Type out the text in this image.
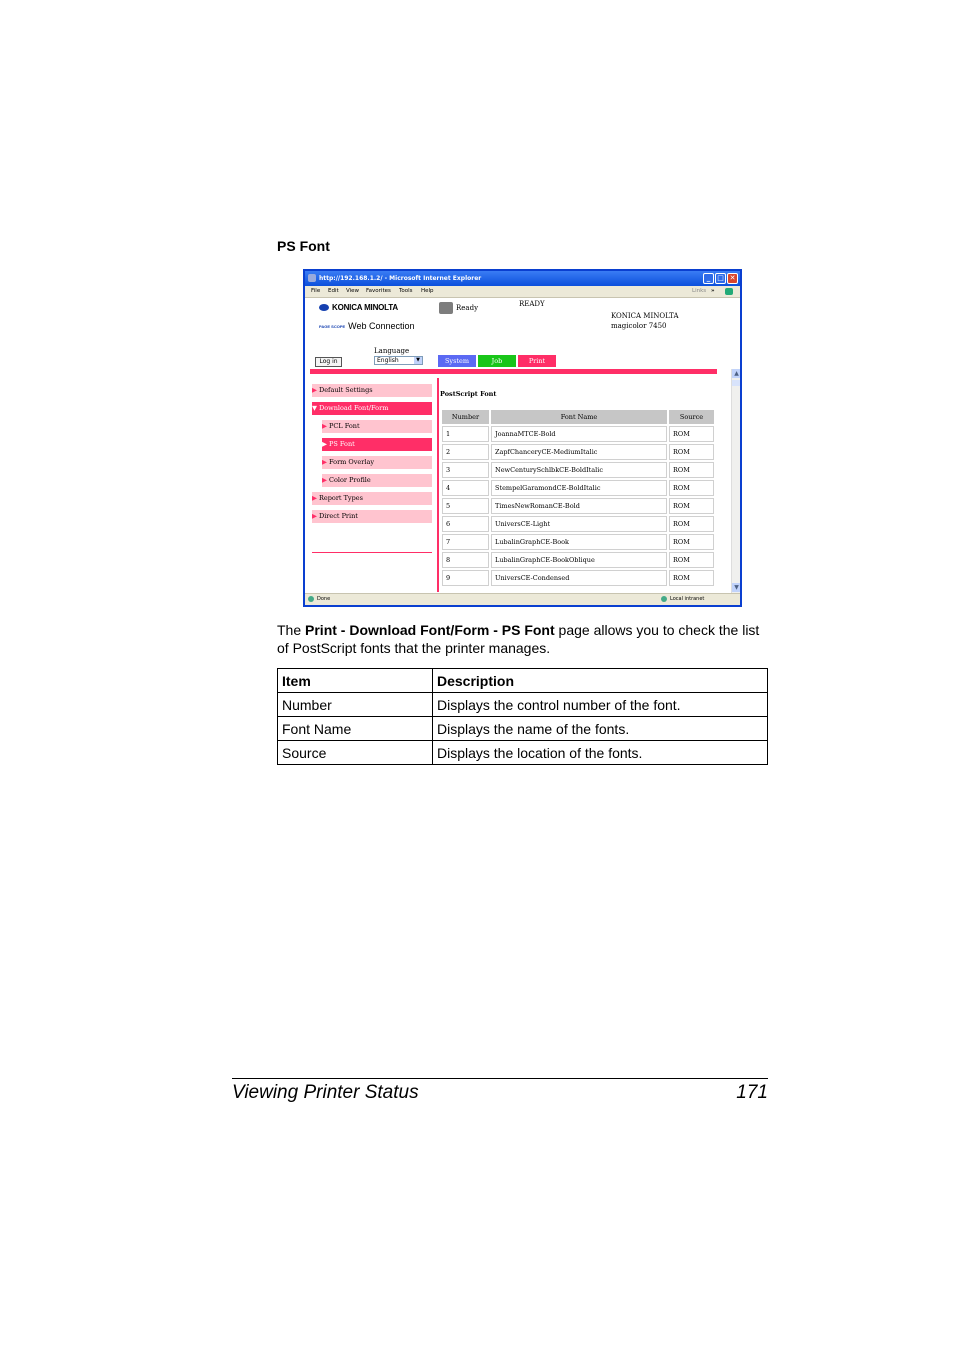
PS Font
http://192.168.1.2/ - Microsoft Internet Explorer	_ □ ✕
File Edit View Favorites Tools Help	Links »
KONICA MINOLTA
PAGE SCOPE Web Connection
Ready	READY
KONICA MINOLTA
magicolor 7450
Language
English	▼
Log in	System	Job	Print
▶ Default Settings
▼ Download Font/Form
▶ PCL Font
▶ PS Font
▶ Form Overlay
▶ Color Profile
▶ Report Types
▶ Direct Print
PostScript Font
Number	Font Name	Source
1	JoannaMTCE-Bold	ROM
2	ZapfChanceryCE-MediumItalic	ROM
3	NewCenturySchlbkCE-BoldItalic	ROM
4	StempelGaramondCE-BoldItalic	ROM
5	TimesNewRomanCE-Bold	ROM
6	UniversCE-Light	ROM
7	LubalinGraphCE-Book	ROM
8	LubalinGraphCE-BookOblique	ROM
9	UniversCE-Condensed	ROM
▲
▼
Done	Local intranet
The Print - Download Font/Form - PS Font page allows you to check the list of PostScript fonts that the printer manages.
Item	Description
Number	Displays the control number of the font.
Font Name	Displays the name of the fonts.
Source	Displays the location of the fonts.
Viewing Printer Status	171
